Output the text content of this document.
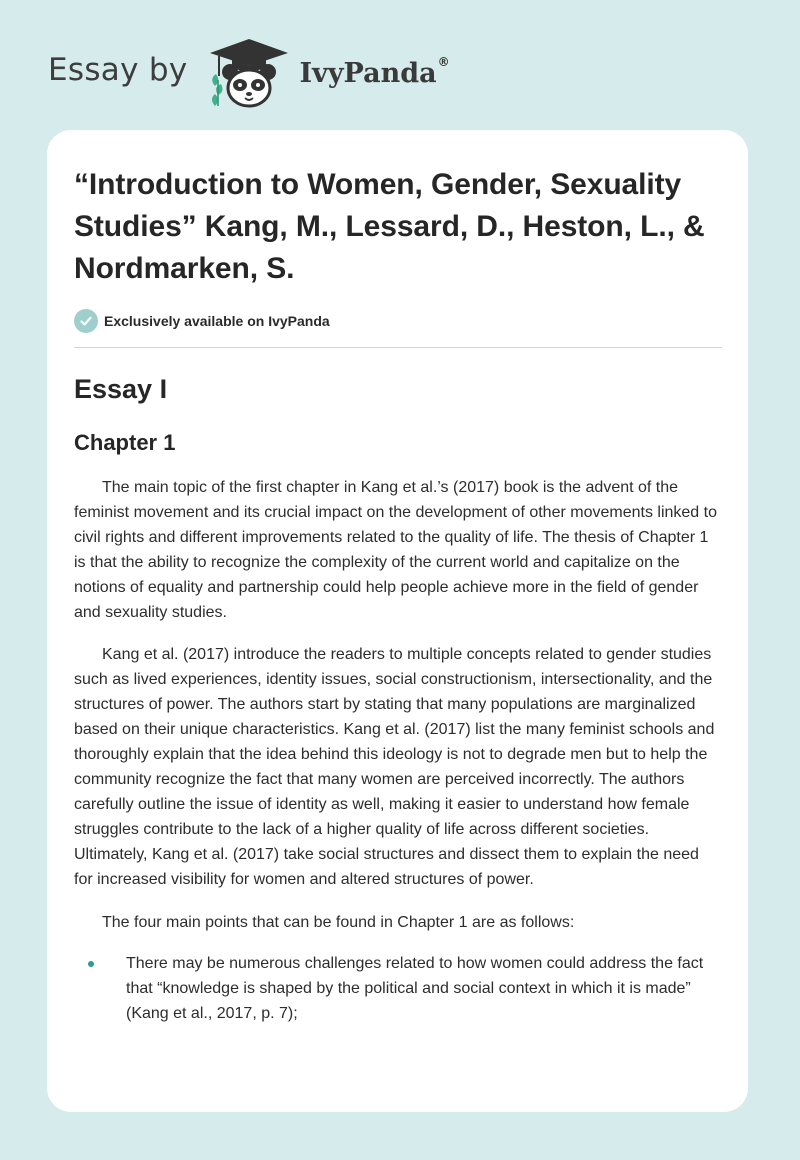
Essay by	IvyPanda®
“Introduction to Women, Gender, Sexuality Studies” Kang, M., Lessard, D., Heston, L., & Nordmarken, S.
Exclusively available on IvyPanda
Essay I
Chapter 1

The main topic of the first chapter in Kang et al.’s (2017) book is the advent of the feminist movement and its crucial impact on the development of other movements linked to civil rights and different improvements related to the quality of life. The thesis of Chapter 1 is that the ability to recognize the complexity of the current world and capitalize on the notions of equality and partnership could help people achieve more in the field of gender and sexuality studies.

Kang et al. (2017) introduce the readers to multiple concepts related to gender studies such as lived experiences, identity issues, social constructionism, intersectionality, and the structures of power. The authors start by stating that many populations are marginalized based on their unique characteristics. Kang et al. (2017) list the many feminist schools and thoroughly explain that the idea behind this ideology is not to degrade men but to help the community recognize the fact that many women are perceived incorrectly. The authors carefully outline the issue of identity as well, making it easier to understand how female struggles contribute to the lack of a higher quality of life across different societies. Ultimately, Kang et al. (2017) take social structures and dissect them to explain the need for increased visibility for women and altered structures of power.

The four main points that can be found in Chapter 1 are as follows:

There may be numerous challenges related to how women could address the fact that “knowledge is shaped by the political and social context in which it is made” (Kang et al., 2017, p. 7);
